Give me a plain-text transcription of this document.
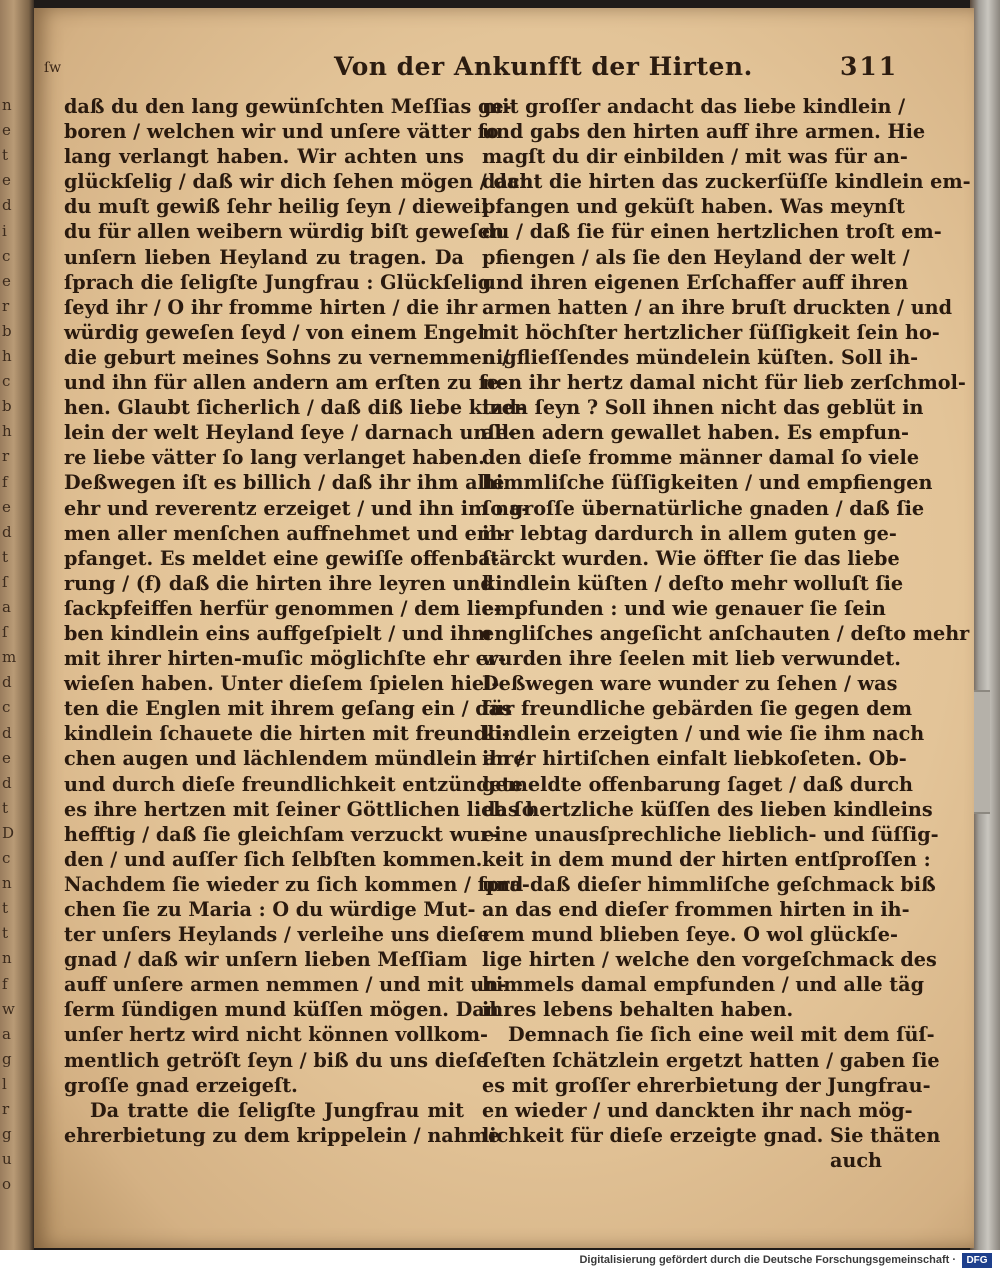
n
e
t
e
d
i
c
e
r
b
h
c
b
h
r
f
e
d
t
ſ
a
ſ
m
d
c
d
e
d
t
D
c
n
t
t
n
f
w
a
g
l
r
g
u
o
ſw	Von der Ankunfft der Hirten.	311
daß du den lang gewünſchten Meſſias ge-
boren / welchen wir und unſere vätter ſo
lang verlangt haben. Wir achten uns
glückſelig / daß wir dich ſehen mögen / dan
du muſt gewiß ſehr heilig ſeyn / dieweil
du für allen weibern würdig biſt geweſen
unſern lieben Heyland zu tragen. Da
ſprach die ſeligſte Jungfrau : Glückſelig
ſeyd ihr / O ihr fromme hirten / die ihr
würdig geweſen ſeyd / von einem Engel
die geburt meines Sohns zu vernemmen /
und ihn für allen andern am erſten zu ſe-
hen. Glaubt ſicherlich / daß diß liebe kind-
lein der welt Heyland ſeye / darnach unſe-
re liebe vätter ſo lang verlanget haben.
Deßwegen iſt es billich / daß ihr ihm alle
ehr und reverentz erzeiget / und ihn im na-
men aller menſchen auffnehmet und em-
pfanget. Es meldet eine gewiſſe offenba-
rung / (f) daß die hirten ihre leyren und
ſackpfeiffen herfür genommen / dem lie-
ben kindlein eins auffgeſpielt / und ihm
mit ihrer hirten-muſic möglichſte ehr er-
wieſen haben. Unter dieſem ſpielen hiel-
ten die Englen mit ihrem geſang ein / das
kindlein ſchauete die hirten mit freundli-
chen augen und lächlendem mündlein an /
und durch dieſe freundlichkeit entzündete
es ihre hertzen mit ſeiner Göttlichen lieb ſo
hefftig / daß ſie gleichſam verzuckt wur-
den / und auſſer ſich ſelbſten kommen.
Nachdem ſie wieder zu ſich kommen / ſpra-
chen ſie zu Maria : O du würdige Mut-
ter unſers Heylands / verleihe uns dieſe
gnad / daß wir unſern lieben Meſſiam
auff unſere armen nemmen / und mit un-
ſerm ſündigen mund küſſen mögen. Dan
unſer hertz wird nicht können vollkom-
mentlich getröſt ſeyn / biß du uns dieſe
groſſe gnad erzeigeſt.
Da tratte die ſeligſte Jungfrau mit
ehrerbietung zu dem krippelein / nahme
mit groſſer andacht das liebe kindlein /
und gabs den hirten auff ihre armen. Hie
magſt du dir einbilden / mit was für an-
dacht die hirten das zuckerſüſſe kindlein em-
pfangen und geküſt haben. Was meynſt
du / daß ſie für einen hertzlichen troſt em-
pfiengen / als ſie den Heyland der welt /
und ihren eigenen Erſchaffer auff ihren
armen hatten / an ihre bruſt druckten / und
mit höchſter hertzlicher ſüſſigkeit ſein ho-
nigflieſſendes mündelein küſten. Soll ih-
nen ihr hertz damal nicht für lieb zerſchmol-
tzen ſeyn ? Soll ihnen nicht das geblüt in
allen adern gewallet haben. Es empfun-
den dieſe fromme männer damal ſo viele
himmliſche ſüſſigkeiten / und empfiengen
ſo groſſe übernatürliche gnaden / daß ſie
ihr lebtag dardurch in allem guten ge-
ſtärckt wurden. Wie öffter ſie das liebe
kindlein küſten / deſto mehr wolluſt ſie
empfunden : und wie genauer ſie ſein
engliſches angeſicht anſchauten / deſto mehr
wurden ihre ſeelen mit lieb verwundet.
Deßwegen ware wunder zu ſehen / was
für freundliche gebärden ſie gegen dem
kindlein erzeigten / und wie ſie ihm nach
ihrer hirtiſchen einfalt liebkoſeten. Ob-
gemeldte offenbarung ſaget / daß durch
das hertzliche küſſen des lieben kindleins
eine unausſprechliche lieblich- und ſüſſig-
keit in dem mund der hirten entſproſſen :
und daß dieſer himmliſche geſchmack biß
an das end dieſer frommen hirten in ih-
rem mund blieben ſeye. O wol glückſe-
lige hirten / welche den vorgeſchmack des
himmels damal empfunden / und alle täg
ihres lebens behalten haben.
Demnach ſie ſich eine weil mit dem ſüſ-
ſeſten ſchätzlein ergetzt hatten / gaben ſie
es mit groſſer ehrerbietung der Jungfrau-
en wieder / und danckten ihr nach mög-
lichkeit für dieſe erzeigte gnad. Sie thäten
auch
Digitalisierung gefördert durch die Deutsche Forschungsgemeinschaft ·	DFG
